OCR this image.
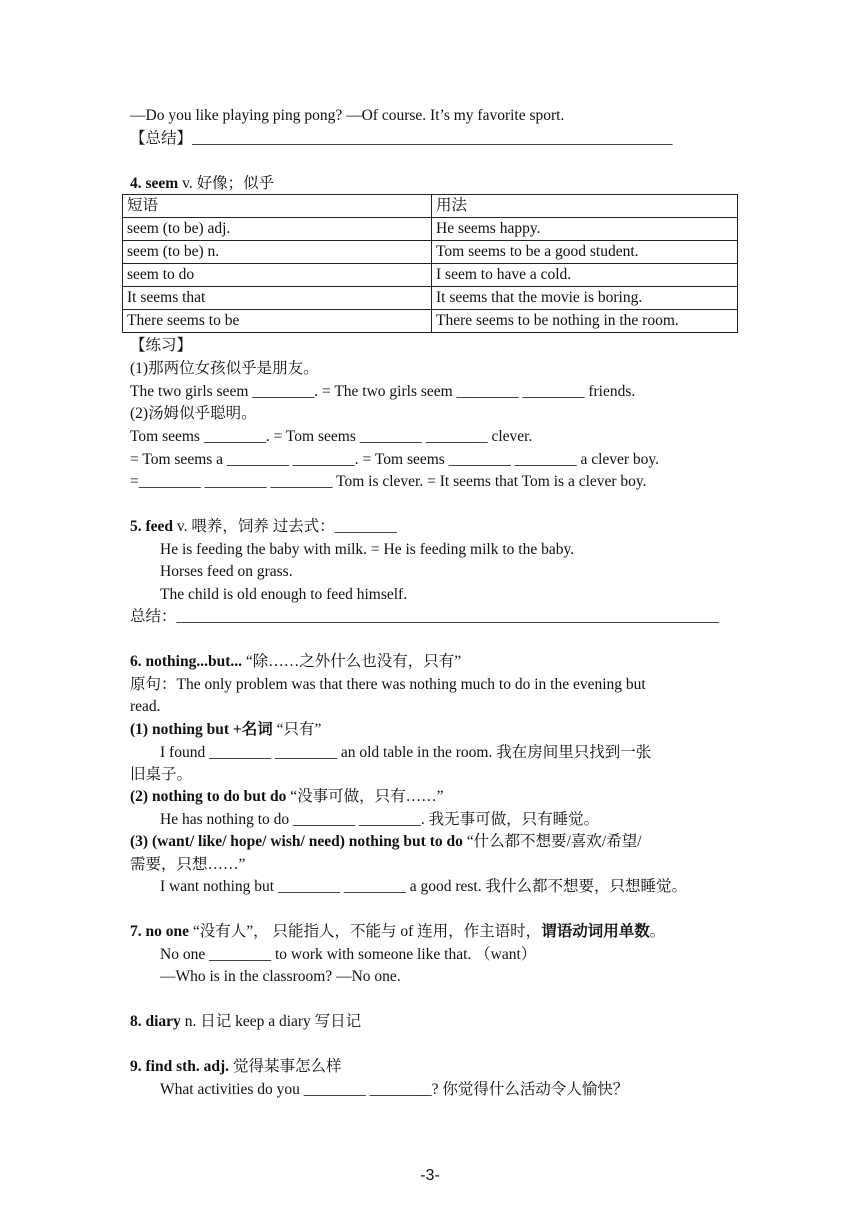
—Do you like playing ping pong? —Of course. It’s my favorite sport.
【总结】______________________________________________________________
4. seem v. 好像；似乎
短语	用法
seem (to be) adj.	He seems happy.
seem (to be) n.	Tom seems to be a good student.
seem to do	I seem to have a cold.
It seems that	It seems that the movie is boring.
There seems to be	There seems to be nothing in the room.
【练习】
(1)那两位女孩似乎是朋友。
The two girls seem ________. = The two girls seem ________ ________ friends.
(2)汤姆似乎聪明。
Tom seems ________. = Tom seems ________ ________ clever.
= Tom seems a ________ ________. = Tom seems ________ ________ a clever boy.
=________ ________ ________ Tom is clever. = It seems that Tom is a clever boy.
5. feed v. 喂养，饲养 过去式：________
He is feeding the baby with milk. = He is feeding milk to the baby.
Horses feed on grass.
The child is old enough to feed himself.
总结：______________________________________________________________________
6. nothing...but... “除……之外什么也没有，只有”
原句：The only problem was that there was nothing much to do in the evening but
read.
(1) nothing but +名词 “只有”
I found ________ ________ an old table in the room. 我在房间里只找到一张
旧桌子。
(2) nothing to do but do “没事可做，只有……”
He has nothing to do ________ ________. 我无事可做，只有睡觉。
(3) (want/ like/ hope/ wish/ need) nothing but to do “什么都不想要/喜欢/希望/
需要，只想……”
I want nothing but ________ ________ a good rest. 我什么都不想要，只想睡觉。
7. no one “没有人”， 只能指人，不能与 of 连用，作主语时，谓语动词用单数。
No one ________ to work with someone like that. （want）
—Who is in the classroom? —No one.
8. diary n. 日记 keep a diary 写日记
9. find sth. adj. 觉得某事怎么样
What activities do you ________ ________? 你觉得什么活动令人愉快？
-3-
